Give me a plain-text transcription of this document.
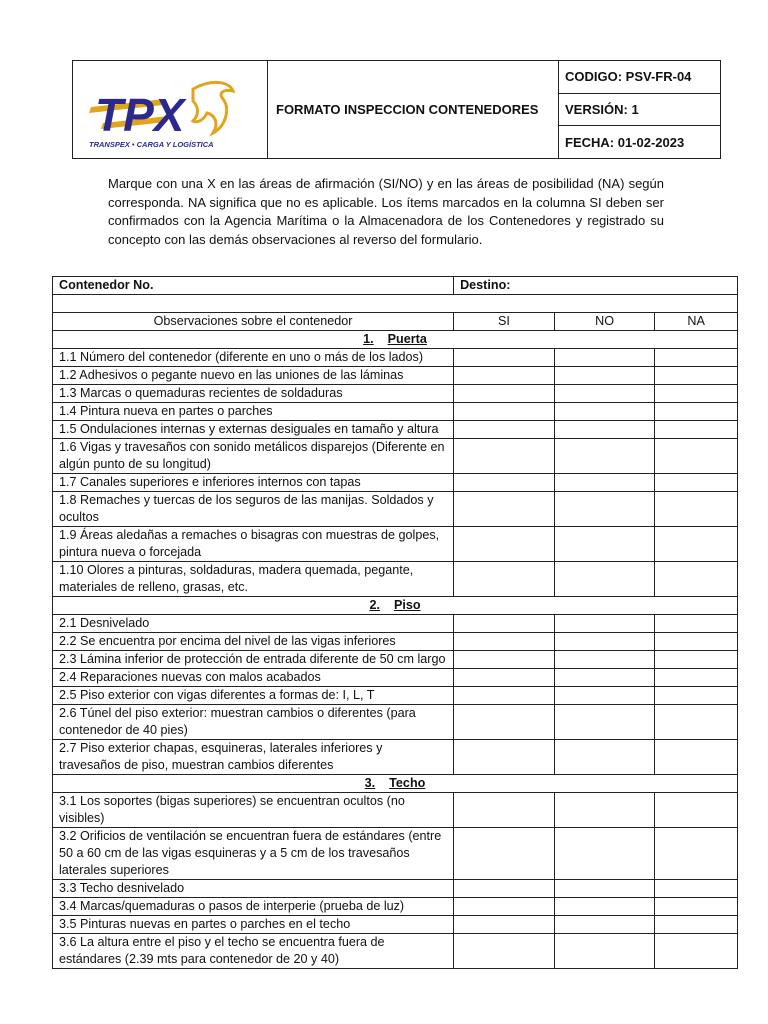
TPX
TRANSPEX • CARGA Y LOGÍSTICA
FORMATO INSPECCION CONTENEDORES
CODIGO: PSV-FR-04
VERSIÓN: 1
FECHA: 01-02-2023
Marque con una X en las áreas de afirmación (SI/NO) y en las áreas de posibilidad (NA) según corresponda. NA significa que no es aplicable. Los ítems marcados en la columna SI deben ser confirmados con la Agencia Marítima o la Almacenadora de los Contenedores y registrado su concepto con las demás observaciones al reverso del formulario.
Contenedor No.	Destino:		

Observaciones sobre el contenedor	SI	NO	NA
1. Puerta			
1.1 Número del contenedor (diferente en uno o más de los lados)			
1.2 Adhesivos o pegante nuevo en las uniones de las láminas			
1.3 Marcas o quemaduras recientes de soldaduras			
1.4 Pintura nueva en partes o parches			
1.5 Ondulaciones internas y externas desiguales en tamaño y altura			
1.6 Vigas y travesaños con sonido metálicos disparejos (Diferente en algún punto de su longitud)			
1.7 Canales superiores e inferiores internos con tapas			
1.8 Remaches y tuercas de los seguros de las manijas. Soldados y ocultos			
1.9 Áreas aledañas a remaches o bisagras con muestras de golpes, pintura nueva o forcejada			
1.10 Olores a pinturas, soldaduras, madera quemada, pegante, materiales de relleno, grasas, etc.			
2. Piso			
2.1 Desnivelado			
2.2 Se encuentra por encima del nivel de las vigas inferiores			
2.3 Lámina inferior de protección de entrada diferente de 50 cm largo			
2.4 Reparaciones nuevas con malos acabados			
2.5 Piso exterior con vigas diferentes a formas de: I, L, T			
2.6 Túnel del piso exterior: muestran cambios o diferentes (para contenedor de 40 pies)			
2.7 Piso exterior chapas, esquineras, laterales inferiores y travesaños de piso, muestran cambios diferentes			
3. Techo			
3.1 Los soportes (bigas superiores) se encuentran ocultos (no visibles)			
3.2 Orificios de ventilación se encuentran fuera de estándares (entre 50 a 60 cm de las vigas esquineras y a 5 cm de los travesaños laterales superiores			
3.3 Techo desnivelado			
3.4 Marcas/quemaduras o pasos de interperie (prueba de luz)			
3.5 Pinturas nuevas en partes o parches en el techo			
3.6 La altura entre el piso y el techo se encuentra fuera de estándares (2.39 mts para contenedor de 20 y 40)			
